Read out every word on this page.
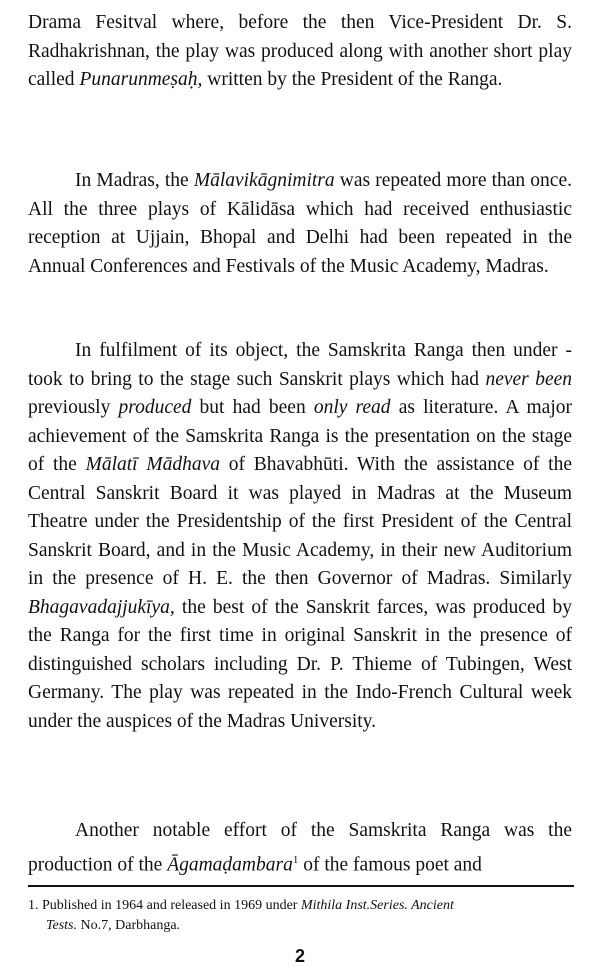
Drama Fesitval where, before the then Vice-President Dr. S. Radhakrishnan, the play was produced along with another short play called Punarunmeṣaḥ, written by the President of the Ranga.

In Madras, the Mālavikāgnimitra was repeated more than once. All the three plays of Kālidāsa which had received enthusiastic reception at Ujjain, Bhopal and Delhi had been repeated in the Annual Conferences and Festivals of the Music Academy, Madras.

In fulfilment of its object, the Samskrita Ranga then under - took to bring to the stage such Sanskrit plays which had never been previously produced but had been only read as literature. A major achievement of the Samskrita Ranga is the presentation on the stage of the Mālatī Mādhava of Bhavabhūti. With the assistance of the Central Sanskrit Board it was played in Madras at the Museum Theatre under the Presidentship of the first President of the Central Sanskrit Board, and in the Music Academy, in their new Auditorium in the presence of H. E. the then Governor of Madras. Similarly Bhagavadajjukīya, the best of the Sanskrit farces, was produced by the Ranga for the first time in original Sanskrit in the presence of distinguished scholars including Dr. P. Thieme of Tubingen, West Germany. The play was repeated in the Indo-French Cultural week under the auspices of the Madras University.

Another notable effort of the Samskrita Ranga was the production of the Āgamaḍambara$^1$ of the famous poet and

1. Published in 1964 and released in 1969 under Mithila Inst.Series. Ancient
Tests. No.7, Darbhanga.

2
